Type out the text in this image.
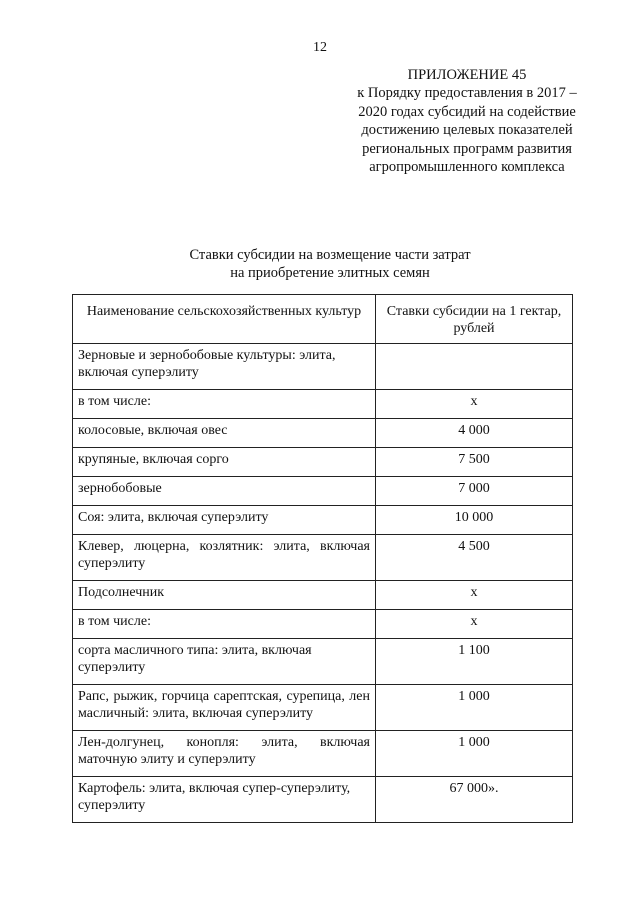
12
ПРИЛОЖЕНИЕ 45
к Порядку предоставления в 2017 –
2020 годах субсидий на содействие
достижению целевых показателей
региональных программ развития
агропромышленного комплекса
Ставки субсидии на возмещение части затрат
на приобретение элитных семян
Наименование сельскохозяйственных культур	Ставки субсидии на 1 гектар, рублей
Зерновые и зернобобовые культуры: элита, включая суперэлиту	
в том числе:	х
колосовые, включая овес	4 000
крупяные, включая сорго	7 500
зернобобовые	7 000
Соя: элита, включая суперэлиту	10 000
Клевер, люцерна, козлятник: элита, включая суперэлиту	4 500
Подсолнечник	х
в том числе:	х
сорта масличного типа: элита, включая суперэлиту	1 100
Рапс, рыжик, горчица сарептская, сурепица, лен масличный: элита, включая суперэлиту	1 000
Лен-долгунец, конопля: элита, включая маточную элиту и суперэлиту	1 000
Картофель: элита, включая супер-суперэлиту, суперэлиту	67 000».
